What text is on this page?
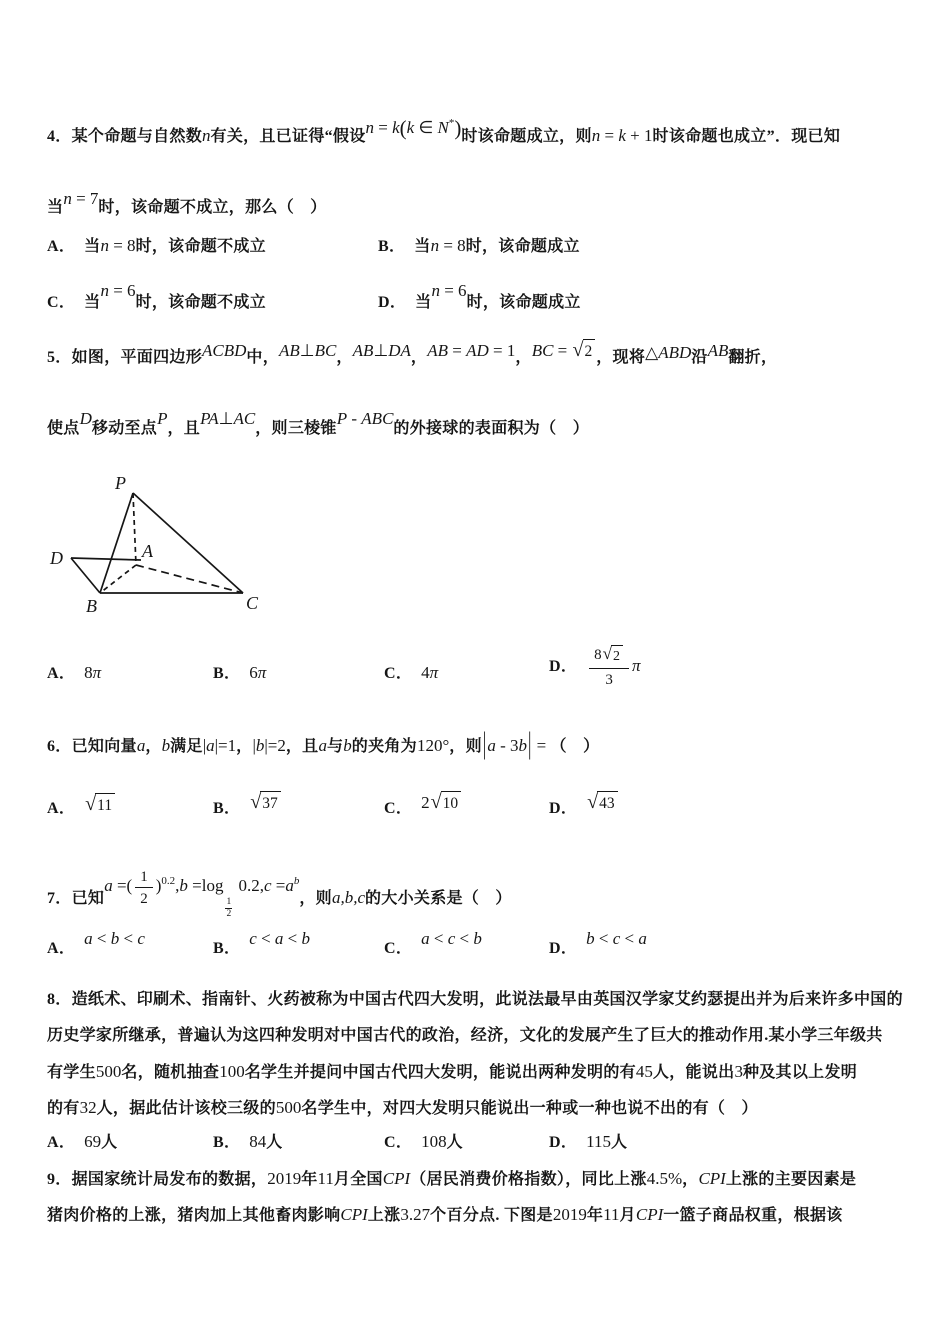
4．某个命题与自然数n有关，且已证得“假设n = k(k ∈ N*)时该命题成立，则n = k + 1时该命题也成立”．现已知

当n = 7时，该命题不成立，那么（　）

A． 当n = 8时，该命题不成立	B． 当n = 8时，该命题成立
C． 当n = 6时，该命题不成立	D． 当n = 6时，该命题成立

5．如图，平面四边形ACBD中，AB⊥BC，AB⊥DA，AB = AD = 1，BC = √ 2 ，现将△ABD沿AB翻折，

使点D移动至点P，且PA⊥AC，则三棱锥P - ABC的外接球的表面积为（　）

P
A
B	C
D
A． 8π	B． 6π	C． 4π	D． $\frac{8 √ 2}{3}$ π

6．已知向量a，b满足|a|=1，|b|=2，且a与b的夹角为120°，则|a - 3b| = （　）

A． √ 11	B． √ 37	C． 2 √ 10	D． √ 43

7．已知a =( $\frac{1}{2} )^{0.2},b =\log$
$\frac{1}{2}$
$0.2,c =a^b$，则a,b,c的大小关系是（　）

A．a < b < c
B．c < a < b
C．a < c < b
D．b < c < a

8．造纸术、印刷术、指南针、火药被称为中国古代四大发明，此说法最早由英国汉学家艾约瑟提出并为后来许多中国的

历史学家所继承，普遍认为这四种发明对中国古代的政治，经济，文化的发展产生了巨大的推动作用.某小学三年级共

有学生500名，随机抽查100名学生并提问中国古代四大发明，能说出两种发明的有45人，能说出3种及其以上发明

的有32人，据此估计该校三级的500名学生中，对四大发明只能说出一种或一种也说不出的有（　）

A． 69人	B． 84人	C． 108人	D． 115人

9．据国家统计局发布的数据，2019年11月全国CPI（居民消费价格指数），同比上涨4.5%，CPI上涨的主要因素是

猪肉价格的上涨，猪肉加上其他畜肉影响CPI上涨3.27个百分点. 下图是2019年11月CPI一篮子商品权重，根据该
